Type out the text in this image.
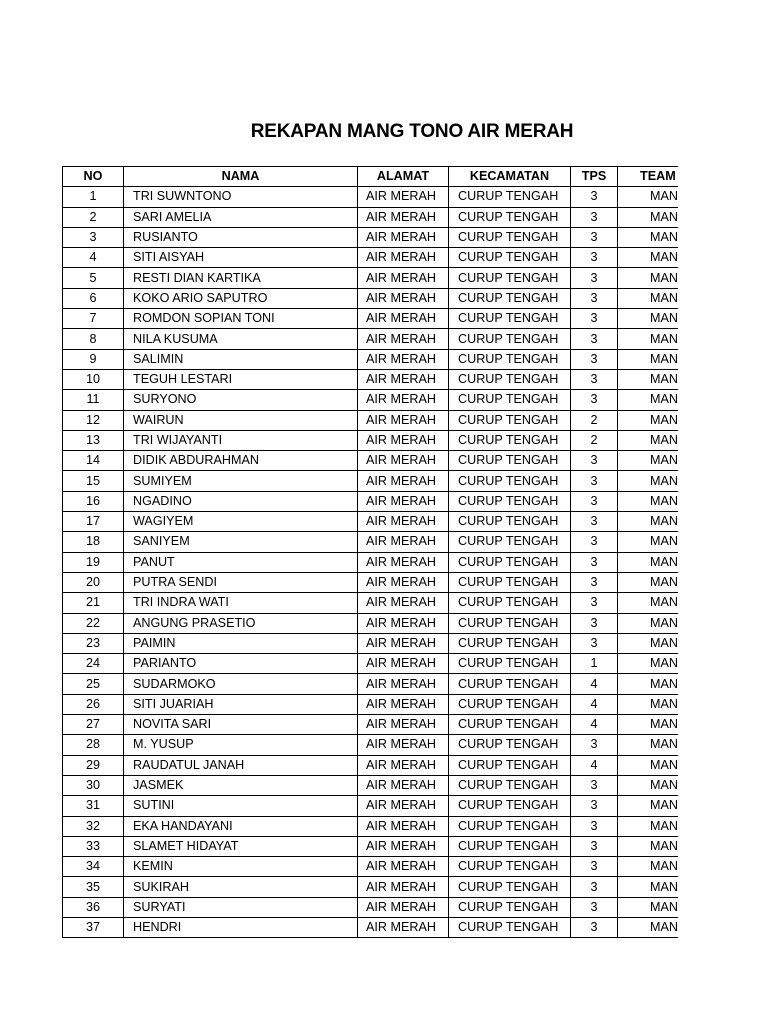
REKAPAN MANG TONO AIR MERAH
NO	NAMA	ALAMAT	KECAMATAN	TPS	TEAM
1	TRI SUWNTONO	AIR MERAH	CURUP TENGAH	3	MAN
2	SARI AMELIA	AIR MERAH	CURUP TENGAH	3	MAN
3	RUSIANTO	AIR MERAH	CURUP TENGAH	3	MAN
4	SITI AISYAH	AIR MERAH	CURUP TENGAH	3	MAN
5	RESTI DIAN KARTIKA	AIR MERAH	CURUP TENGAH	3	MAN
6	KOKO ARIO SAPUTRO	AIR MERAH	CURUP TENGAH	3	MAN
7	ROMDON SOPIAN TONI	AIR MERAH	CURUP TENGAH	3	MAN
8	NILA KUSUMA	AIR MERAH	CURUP TENGAH	3	MAN
9	SALIMIN	AIR MERAH	CURUP TENGAH	3	MAN
10	TEGUH LESTARI	AIR MERAH	CURUP TENGAH	3	MAN
11	SURYONO	AIR MERAH	CURUP TENGAH	3	MAN
12	WAIRUN	AIR MERAH	CURUP TENGAH	2	MAN
13	TRI WIJAYANTI	AIR MERAH	CURUP TENGAH	2	MAN
14	DIDIK ABDURAHMAN	AIR MERAH	CURUP TENGAH	3	MAN
15	SUMIYEM	AIR MERAH	CURUP TENGAH	3	MAN
16	NGADINO	AIR MERAH	CURUP TENGAH	3	MAN
17	WAGIYEM	AIR MERAH	CURUP TENGAH	3	MAN
18	SANIYEM	AIR MERAH	CURUP TENGAH	3	MAN
19	PANUT	AIR MERAH	CURUP TENGAH	3	MAN
20	PUTRA SENDI	AIR MERAH	CURUP TENGAH	3	MAN
21	TRI INDRA WATI	AIR MERAH	CURUP TENGAH	3	MAN
22	ANGUNG PRASETIO	AIR MERAH	CURUP TENGAH	3	MAN
23	PAIMIN	AIR MERAH	CURUP TENGAH	3	MAN
24	PARIANTO	AIR MERAH	CURUP TENGAH	1	MAN
25	SUDARMOKO	AIR MERAH	CURUP TENGAH	4	MAN
26	SITI JUARIAH	AIR MERAH	CURUP TENGAH	4	MAN
27	NOVITA SARI	AIR MERAH	CURUP TENGAH	4	MAN
28	M. YUSUP	AIR MERAH	CURUP TENGAH	3	MAN
29	RAUDATUL JANAH	AIR MERAH	CURUP TENGAH	4	MAN
30	JASMEK	AIR MERAH	CURUP TENGAH	3	MAN
31	SUTINI	AIR MERAH	CURUP TENGAH	3	MAN
32	EKA HANDAYANI	AIR MERAH	CURUP TENGAH	3	MAN
33	SLAMET HIDAYAT	AIR MERAH	CURUP TENGAH	3	MAN
34	KEMIN	AIR MERAH	CURUP TENGAH	3	MAN
35	SUKIRAH	AIR MERAH	CURUP TENGAH	3	MAN
36	SURYATI	AIR MERAH	CURUP TENGAH	3	MAN
37	HENDRI	AIR MERAH	CURUP TENGAH	3	MAN
